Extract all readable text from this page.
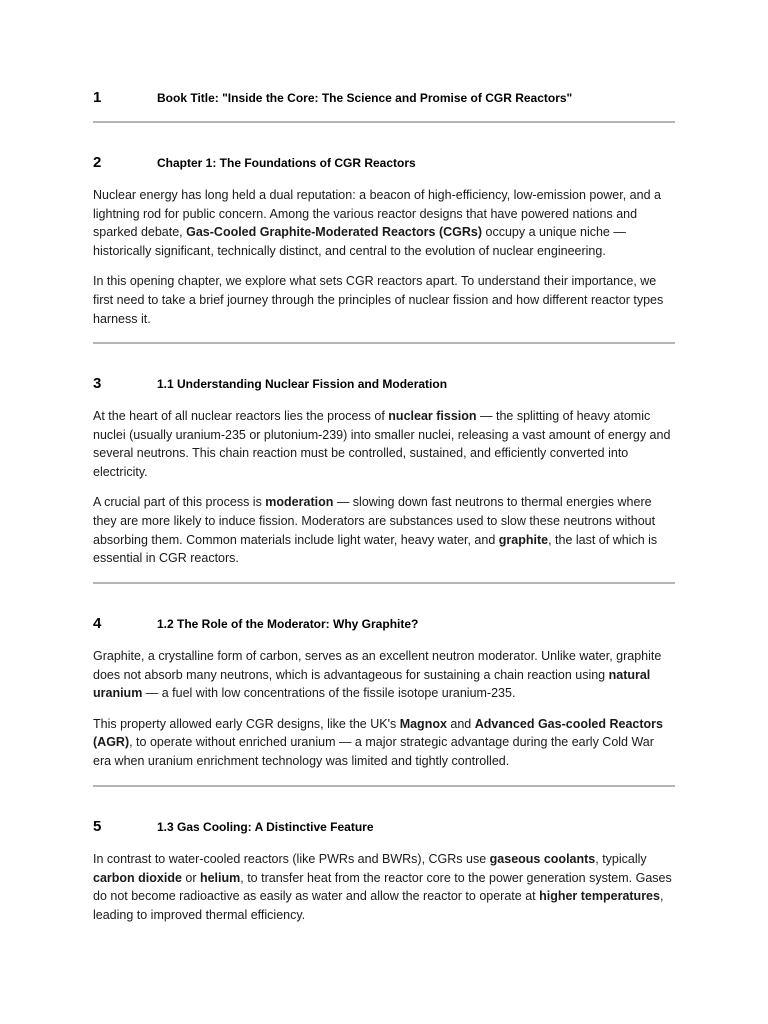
1	Book Title: "Inside the Core: The Science and Promise of CGR Reactors"
2	Chapter 1: The Foundations of CGR Reactors

Nuclear energy has long held a dual reputation: a beacon of high-efficiency, low-emission power, and a lightning rod for public concern. Among the various reactor designs that have powered nations and sparked debate, Gas-Cooled Graphite-Moderated Reactors (CGRs) occupy a unique niche — historically significant, technically distinct, and central to the evolution of nuclear engineering.

In this opening chapter, we explore what sets CGR reactors apart. To understand their importance, we first need to take a brief journey through the principles of nuclear fission and how different reactor types harness it.

3	1.1 Understanding Nuclear Fission and Moderation

At the heart of all nuclear reactors lies the process of nuclear fission — the splitting of heavy atomic nuclei (usually uranium-235 or plutonium-239) into smaller nuclei, releasing a vast amount of energy and several neutrons. This chain reaction must be controlled, sustained, and efficiently converted into electricity.

A crucial part of this process is moderation — slowing down fast neutrons to thermal energies where they are more likely to induce fission. Moderators are substances used to slow these neutrons without absorbing them. Common materials include light water, heavy water, and graphite, the last of which is essential in CGR reactors.

4	1.2 The Role of the Moderator: Why Graphite?

Graphite, a crystalline form of carbon, serves as an excellent neutron moderator. Unlike water, graphite does not absorb many neutrons, which is advantageous for sustaining a chain reaction using natural uranium — a fuel with low concentrations of the fissile isotope uranium-235.

This property allowed early CGR designs, like the UK's Magnox and Advanced Gas-cooled Reactors (AGR), to operate without enriched uranium — a major strategic advantage during the early Cold War era when uranium enrichment technology was limited and tightly controlled.

5	1.3 Gas Cooling: A Distinctive Feature

In contrast to water-cooled reactors (like PWRs and BWRs), CGRs use gaseous coolants, typically carbon dioxide or helium, to transfer heat from the reactor core to the power generation system. Gases do not become radioactive as easily as water and allow the reactor to operate at higher temperatures, leading to improved thermal efficiency.
